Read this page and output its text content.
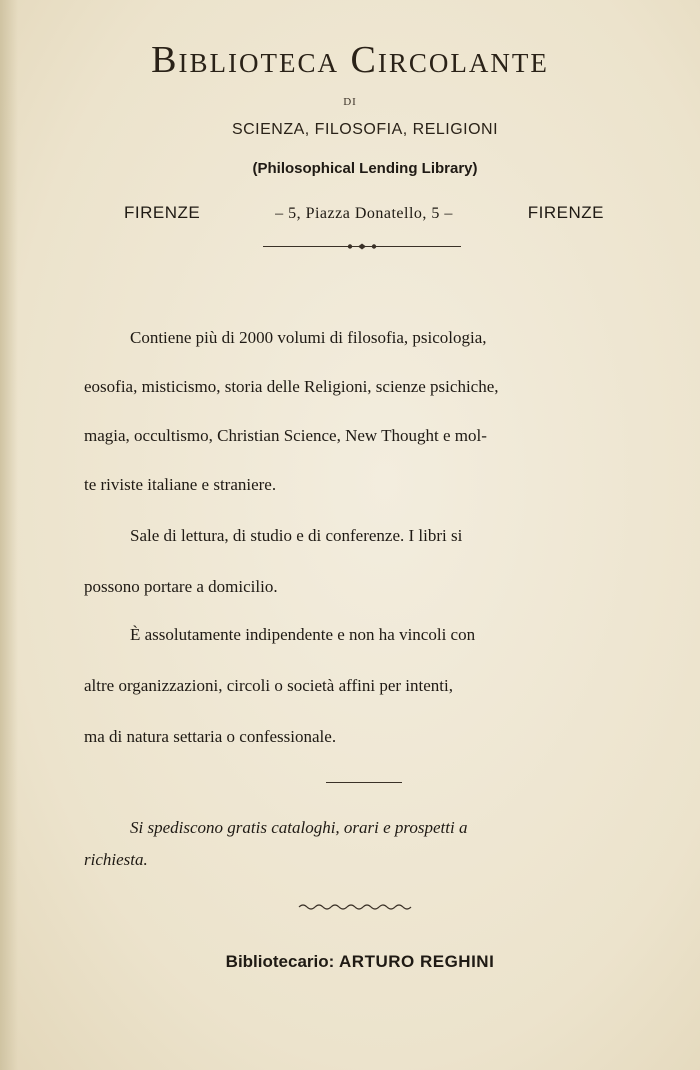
Biblioteca Circolante
DI
SCIENZA, FILOSOFIA, RELIGIONI
(Philosophical Lending Library)
FIRENZE	– 5, Piazza Donatello, 5 –	FIRENZE
Contiene più di 2000 volumi di filosofia, psicologia,
eosofia, misticismo, storia delle Religioni, scienze psichiche,
magia, occultismo, Christian Science, New Thought e mol-
te riviste italiane e straniere.
Sale di lettura, di studio e di conferenze. I libri si
possono portare a domicilio.
È assolutamente indipendente e non ha vincoli con
altre organizzazioni, circoli o società affini per intenti,
ma di natura settaria o confessionale.
Si spediscono gratis cataloghi, orari e prospetti a
richiesta.
Bibliotecario: ARTURO REGHINI
